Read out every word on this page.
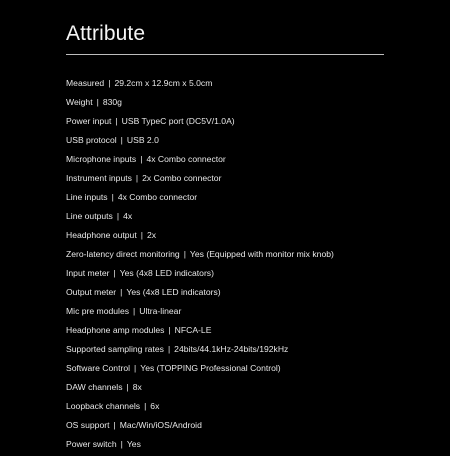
Attribute
Measured | 29.2cm x 12.9cm x 5.0cm
Weight | 830g
Power input | USB TypeC port (DC5V/1.0A)
USB protocol | USB 2.0
Microphone inputs | 4x Combo connector
Instrument inputs | 2x Combo connector
Line inputs | 4x Combo connector
Line outputs | 4x
Headphone output | 2x
Zero-latency direct monitoring | Yes (Equipped with monitor mix knob)
Input meter | Yes (4x8 LED indicators)
Output meter | Yes (4x8 LED indicators)
Mic pre modules | Ultra-linear
Headphone amp modules | NFCA-LE
Supported sampling rates | 24bits/44.1kHz-24bits/192kHz
Software Control | Yes (TOPPING Professional Control)
DAW channels | 8x
Loopback channels | 6x
OS support | Mac/Win/iOS/Android
Power switch | Yes
